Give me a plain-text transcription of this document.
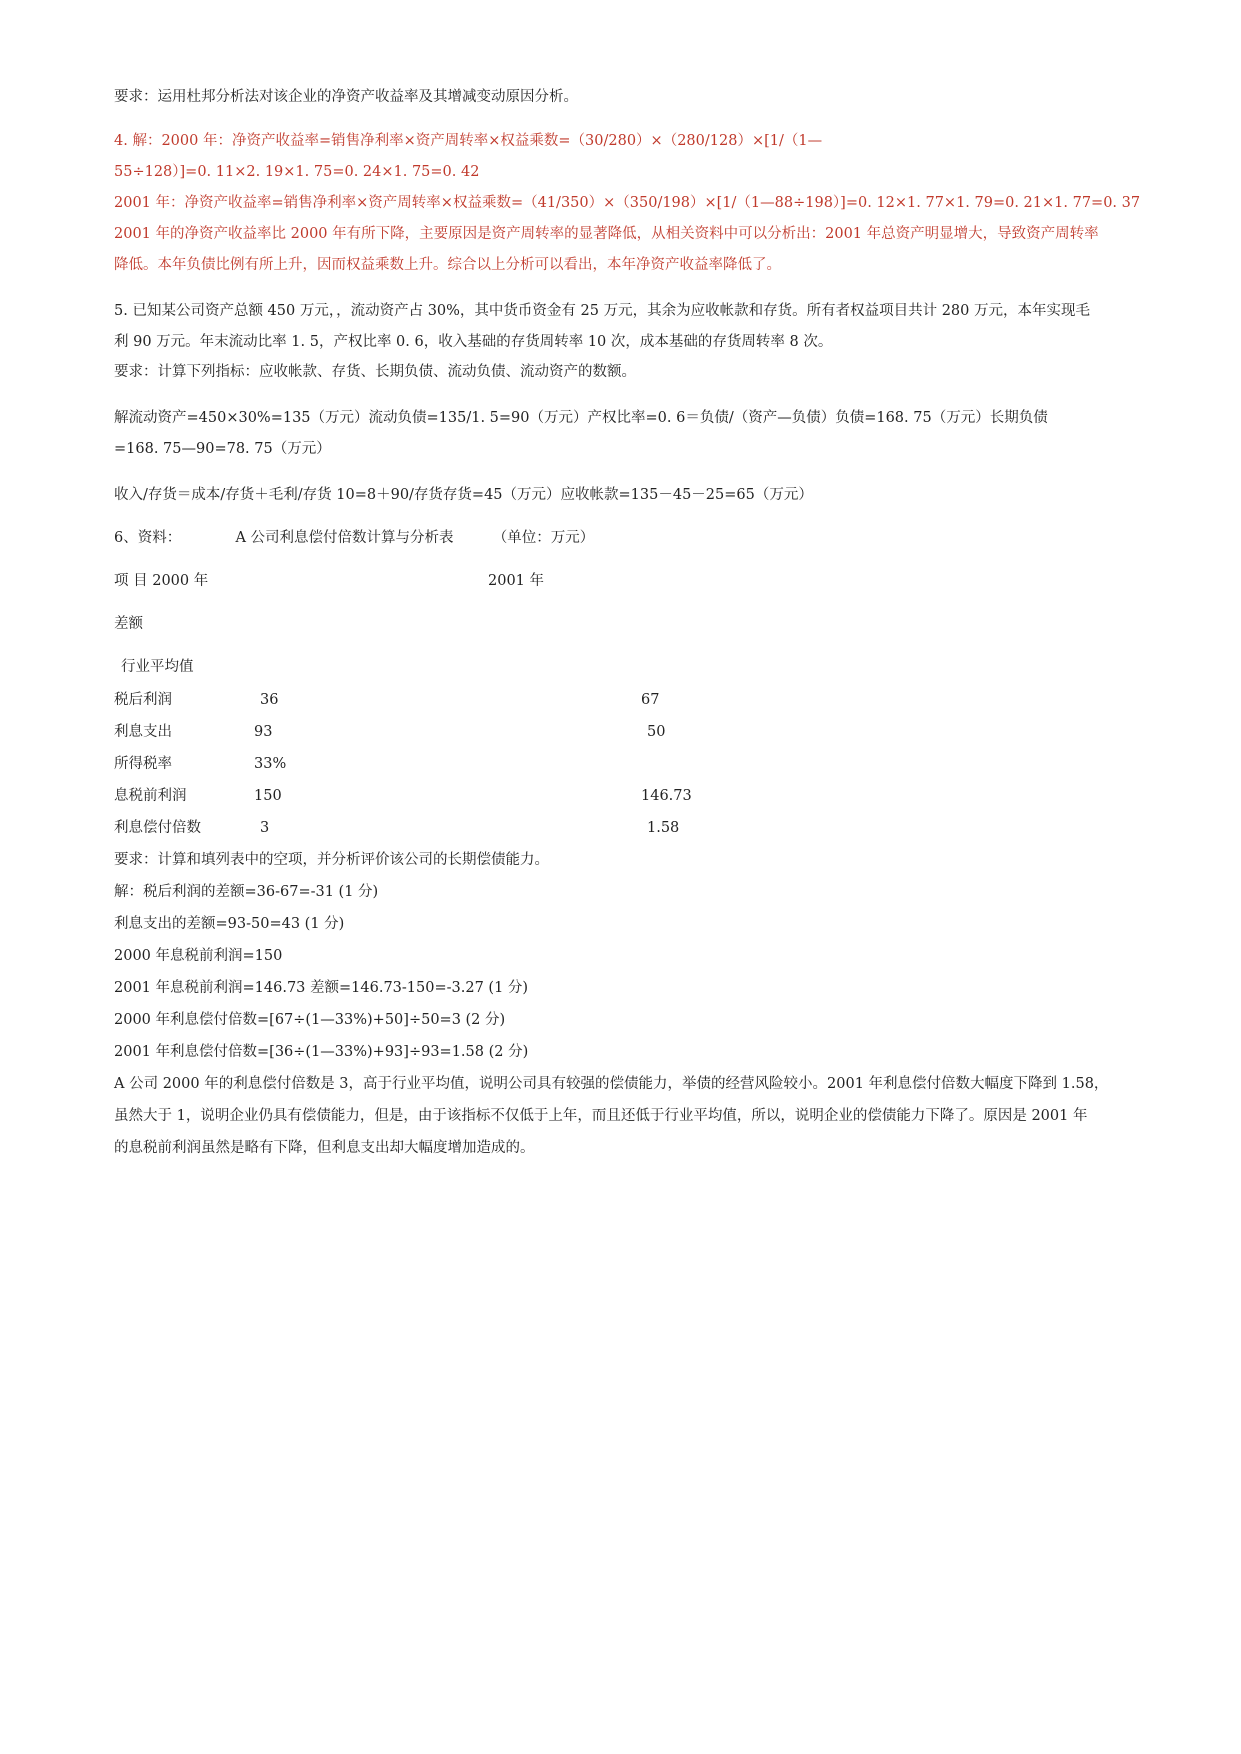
要求：运用杜邦分析法对该企业的净资产收益率及其增减变动原因分析。
4. 解：2000 年：净资产收益率=销售净利率×资产周转率×权益乘数=（30/280）×（280/128）×[1/（1—
55÷128）]=0. 11×2. 19×1. 75=0. 24×1. 75=0. 42
2001 年：净资产收益率=销售净利率×资产周转率×权益乘数=（41/350）×（350/198）×[1/（1—88÷198）]=0. 12×1. 77×1. 79=0. 21×1. 77=0. 37
2001 年的净资产收益率比 2000 年有所下降，主要原因是资产周转率的显著降低，从相关资料中可以分析出：2001 年总资产明显增大，导致资产周转率
降低。本年负债比例有所上升，因而权益乘数上升。综合以上分析可以看出，本年净资产收益率降低了。
5. 已知某公司资产总额 450 万元，，流动资产占 30%，其中货币资金有 25 万元，其余为应收帐款和存货。所有者权益项目共计 280 万元，本年实现毛
利 90 万元。年末流动比率 1. 5，产权比率 0. 6，收入基础的存货周转率 10 次，成本基础的存货周转率 8 次。
要求：计算下列指标：应收帐款、存货、长期负债、流动负债、流动资产的数额。
解流动资产=450×30%=135（万元）流动负债=135/1. 5=90（万元）产权比率=0. 6＝负债/（资产—负债）负债=168. 75（万元）长期负债
=168. 75—90=78. 75（万元）
收入/存货＝成本/存货＋毛利/存货 10=8＋90/存货存货=45（万元）应收帐款=135－45－25=65（万元）
6、资料：	A 公司利息偿付倍数计算与分析表	（单位：万元）
项 目 2000 年	2001 年
差额
行业平均值
税后利润	36	67
利息支出	93	50
所得税率	33%
息税前利润	150	146.73
利息偿付倍数	3	1.58
要求：计算和填列表中的空项，并分析评价该公司的长期偿债能力。
解：税后利润的差额=36-67=-31 (1 分)
利息支出的差额=93-50=43 (1 分)
2000 年息税前利润=150
2001 年息税前利润=146.73 差额=146.73-150=-3.27 (1 分)
2000 年利息偿付倍数=[67÷(1—33%)+50]÷50=3 (2 分)
2001 年利息偿付倍数=[36÷(1—33%)+93]÷93=1.58 (2 分)
A 公司 2000 年的利息偿付倍数是 3，高于行业平均值，说明公司具有较强的偿债能力，举债的经营风险较小。2001 年利息偿付倍数大幅度下降到 1.58，
虽然大于 1，说明企业仍具有偿债能力，但是，由于该指标不仅低于上年，而且还低于行业平均值，所以，说明企业的偿债能力下降了。原因是 2001 年
的息税前利润虽然是略有下降，但利息支出却大幅度增加造成的。
